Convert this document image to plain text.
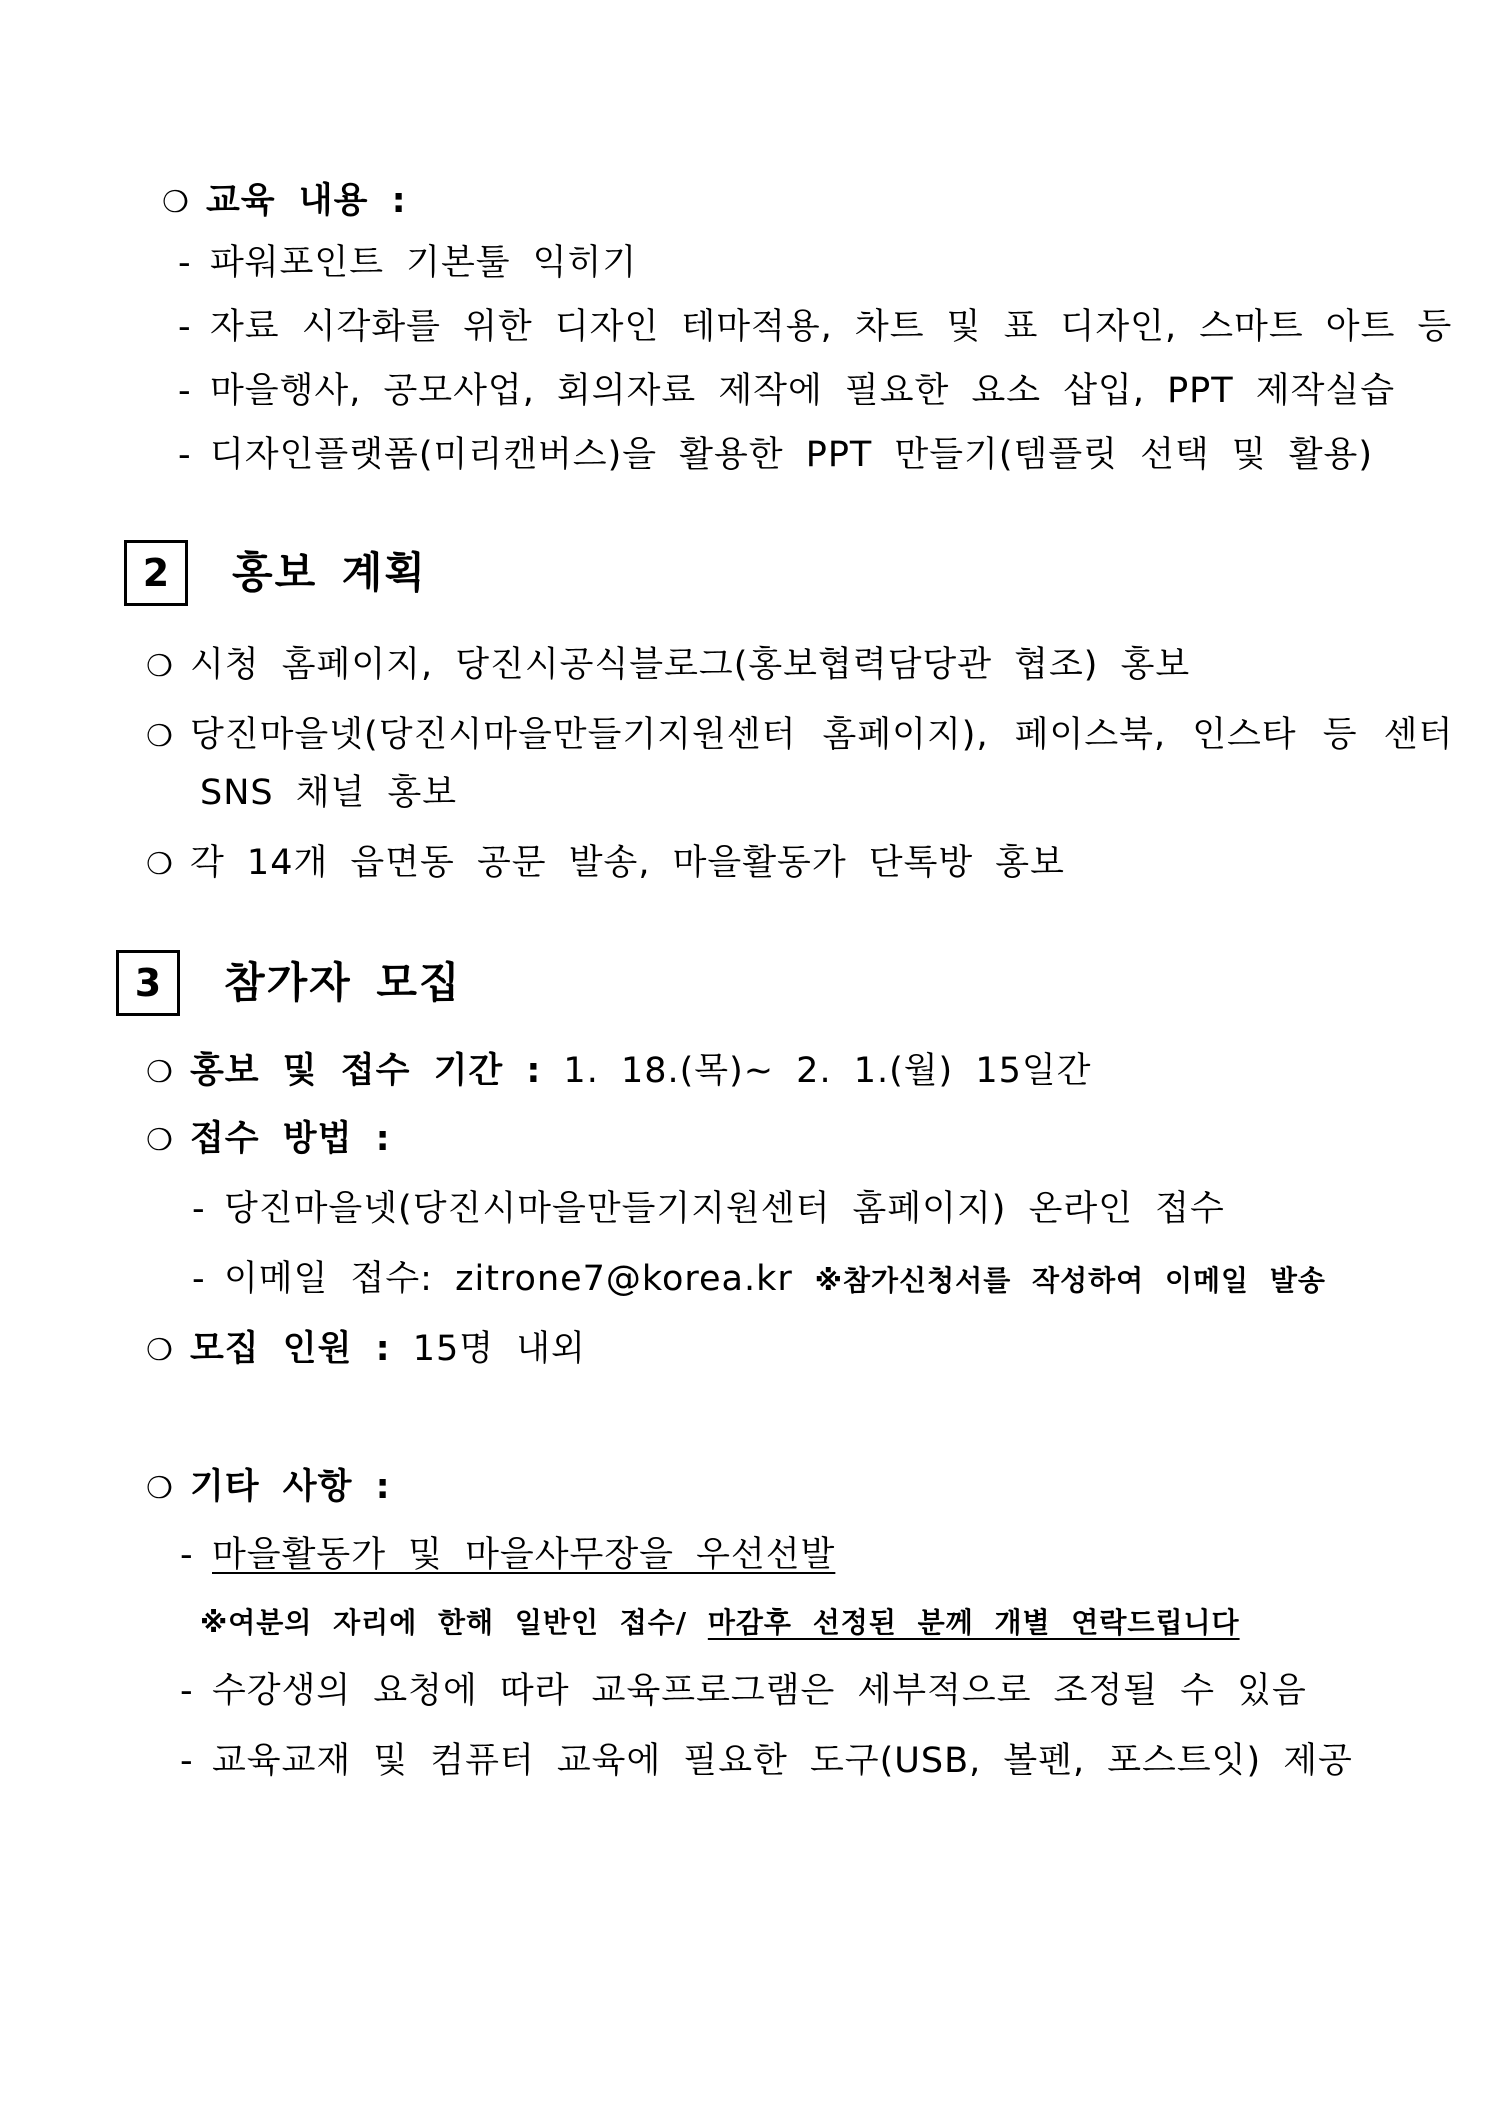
❍ 교육 내용 :
- 파워포인트 기본툴 익히기
- 자료 시각화를 위한 디자인 테마적용, 차트 및 표 디자인, 스마트 아트 등
- 마을행사, 공모사업, 회의자료 제작에 필요한 요소 삽입, PPT 제작실습
- 디자인플랫폼(미리캔버스)을 활용한 PPT 만들기(템플릿 선택 및 활용)
2	홍보 계획
❍ 시청 홈페이지, 당진시공식블로그(홍보협력담당관 협조) 홍보
❍ 당진마을넷(당진시마을만들기지원센터 홈페이지), 페이스북, 인스타 등 센터
SNS 채널 홍보
❍ 각 14개 읍면동 공문 발송, 마을활동가 단톡방 홍보
3	참가자 모집
❍ 홍보 및 접수 기간 : 1. 18.(목)~ 2. 1.(월) 15일간
❍ 접수 방법 :
- 당진마을넷(당진시마을만들기지원센터 홈페이지) 온라인 접수
- 이메일 접수: zitrone7@korea.kr ※참가신청서를 작성하여 이메일 발송
❍ 모집 인원 : 15명 내외
❍ 기타 사항 :
- 마을활동가 및 마을사무장을 우선선발
※여분의 자리에 한해 일반인 접수/ 마감후 선정된 분께 개별 연락드립니다
- 수강생의 요청에 따라 교육프로그램은 세부적으로 조정될 수 있음
- 교육교재 및 컴퓨터 교육에 필요한 도구(USB, 볼펜, 포스트잇) 제공
